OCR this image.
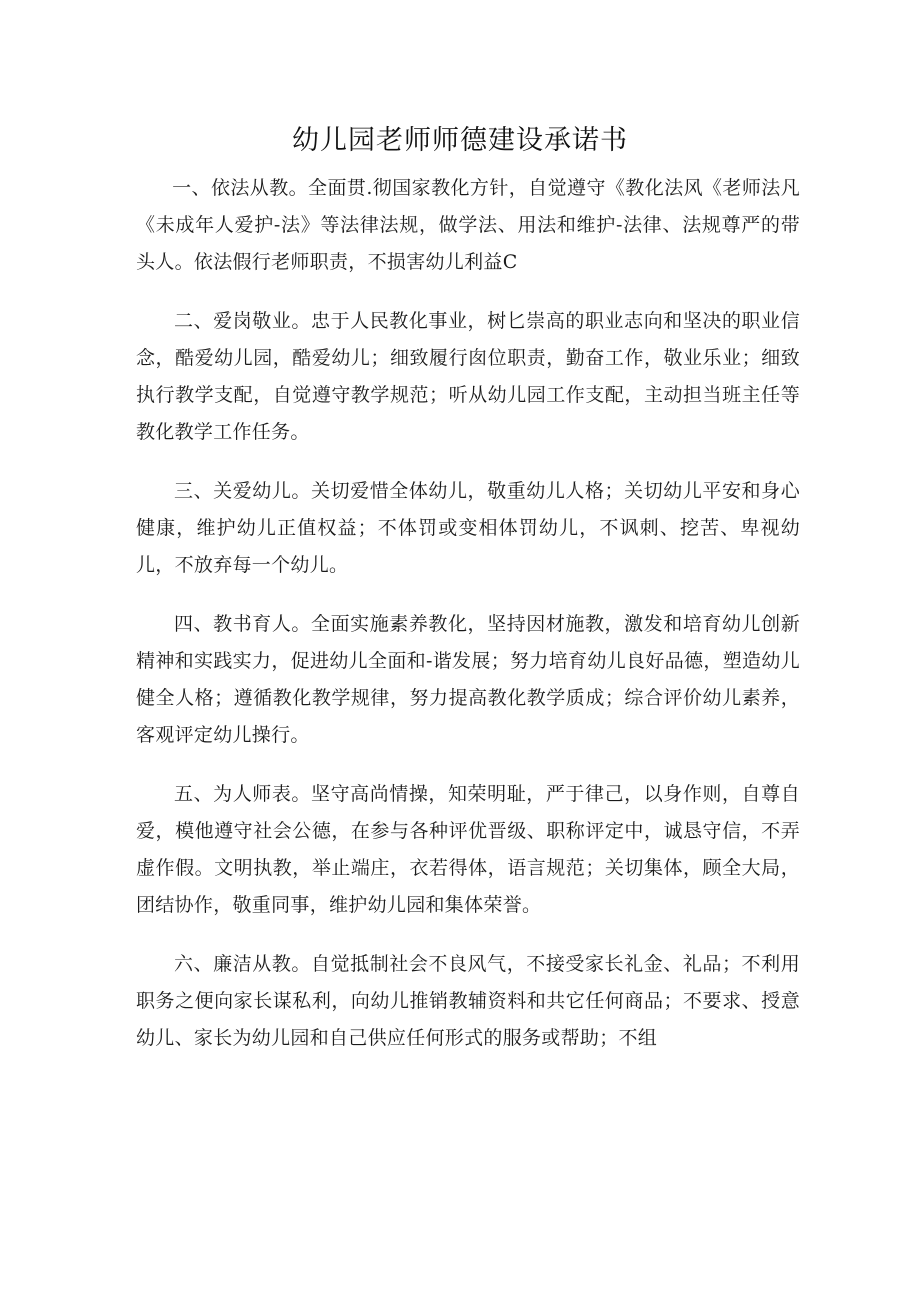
幼儿园老师师德建设承诺书

一、依法从教。全面贯.彻国家教化方针，自觉遵守《教化法风《老师法凡《未成年人爱护-法》等法律法规，做学法、用法和维护-法律、法规尊严的带头人。依法假行老师职责，不损害幼儿利益C

二、爱岗敬业。忠于人民教化事业，树匕崇高的职业志向和坚决的职业信念，酷爱幼儿园，酷爱幼儿；细致履行囱位职责，勤奋工作，敬业乐业；细致执行教学支配，自觉遵守教学规范；听从幼儿园工作支配，主动担当班主任等教化教学工作任务。

三、关爱幼儿。关切爱惜全体幼儿，敬重幼儿人格；关切幼儿平安和身心健康，维护幼儿正值权益；不体罚或变相体罚幼儿，不讽刺、挖苦、卑视幼儿，不放弃每一个幼儿。

四、教书育人。全面实施素养教化，坚持因材施教，激发和培育幼儿创新精神和实践实力，促进幼儿全面和-谐发展；努力培育幼儿良好品德，塑造幼儿健全人格；遵循教化教学规律，努力提高教化教学质成；综合评价幼儿素养，客观评定幼儿操行。

五、为人师表。坚守高尚情操，知荣明耻，严于律己，以身作则，自尊自爱，模他遵守社会公德，在参与各种评优晋级、职称评定中，诚恳守信，不弄虚作假。文明执教，举止端庄，衣若得体，语言规范；关切集体，顾全大局，团结协作，敬重同事，维护幼儿园和集体荣誉。

六、廉洁从教。自觉抵制社会不良风气，不接受家长礼金、礼品；不利用职务之便向家长谋私利，向幼儿推销教辅资料和共它任何商品；不要求、授意幼儿、家长为幼儿园和自己供应任何形式的服务或帮助；不组
